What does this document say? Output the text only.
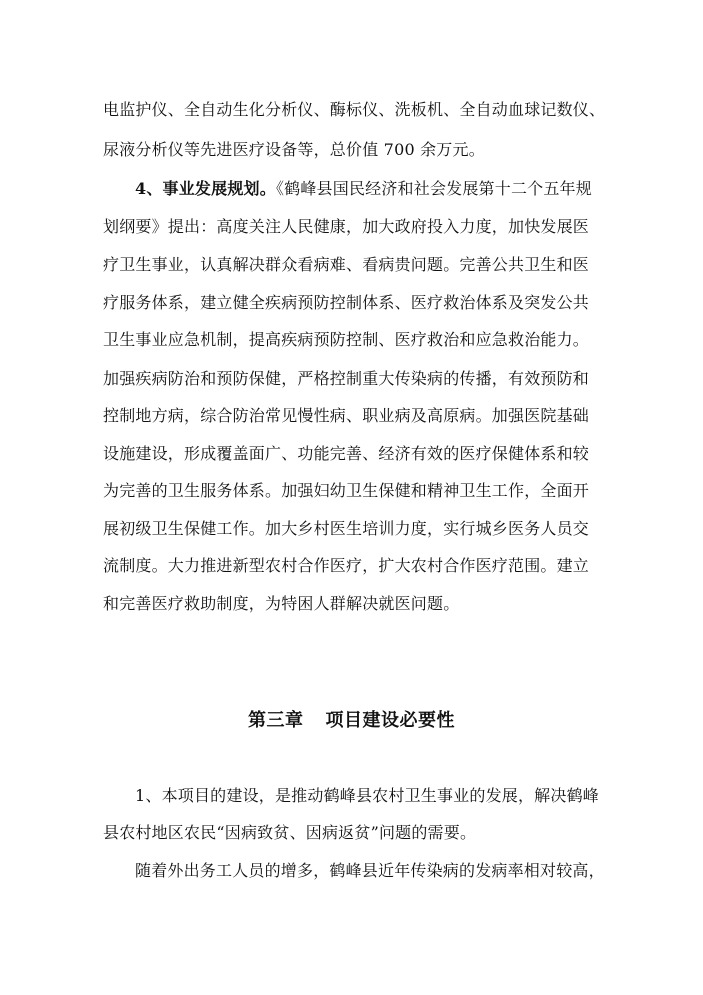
电监护仪、全自动生化分析仪、酶标仪、洗板机、全自动血球记数仪、
尿液分析仪等先进医疗设备等，总价值 700 余万元。
4、事业发展规划。《鹤峰县国民经济和社会发展第十二个五年规
划纲要》提出：高度关注人民健康，加大政府投入力度，加快发展医
疗卫生事业，认真解决群众看病难、看病贵问题。完善公共卫生和医
疗服务体系，建立健全疾病预防控制体系、医疗救治体系及突发公共
卫生事业应急机制，提高疾病预防控制、医疗救治和应急救治能力。
加强疾病防治和预防保健，严格控制重大传染病的传播，有效预防和
控制地方病，综合防治常见慢性病、职业病及高原病。加强医院基础
设施建设，形成覆盖面广、功能完善、经济有效的医疗保健体系和较
为完善的卫生服务体系。加强妇幼卫生保健和精神卫生工作，全面开
展初级卫生保健工作。加大乡村医生培训力度，实行城乡医务人员交
流制度。大力推进新型农村合作医疗，扩大农村合作医疗范围。建立
和完善医疗救助制度，为特困人群解决就医问题。
第三章 项目建设必要性
1、本项目的建设，是推动鹤峰县农村卫生事业的发展，解决鹤峰
县农村地区农民“因病致贫、因病返贫”问题的需要。
随着外出务工人员的增多，鹤峰县近年传染病的发病率相对较高，
